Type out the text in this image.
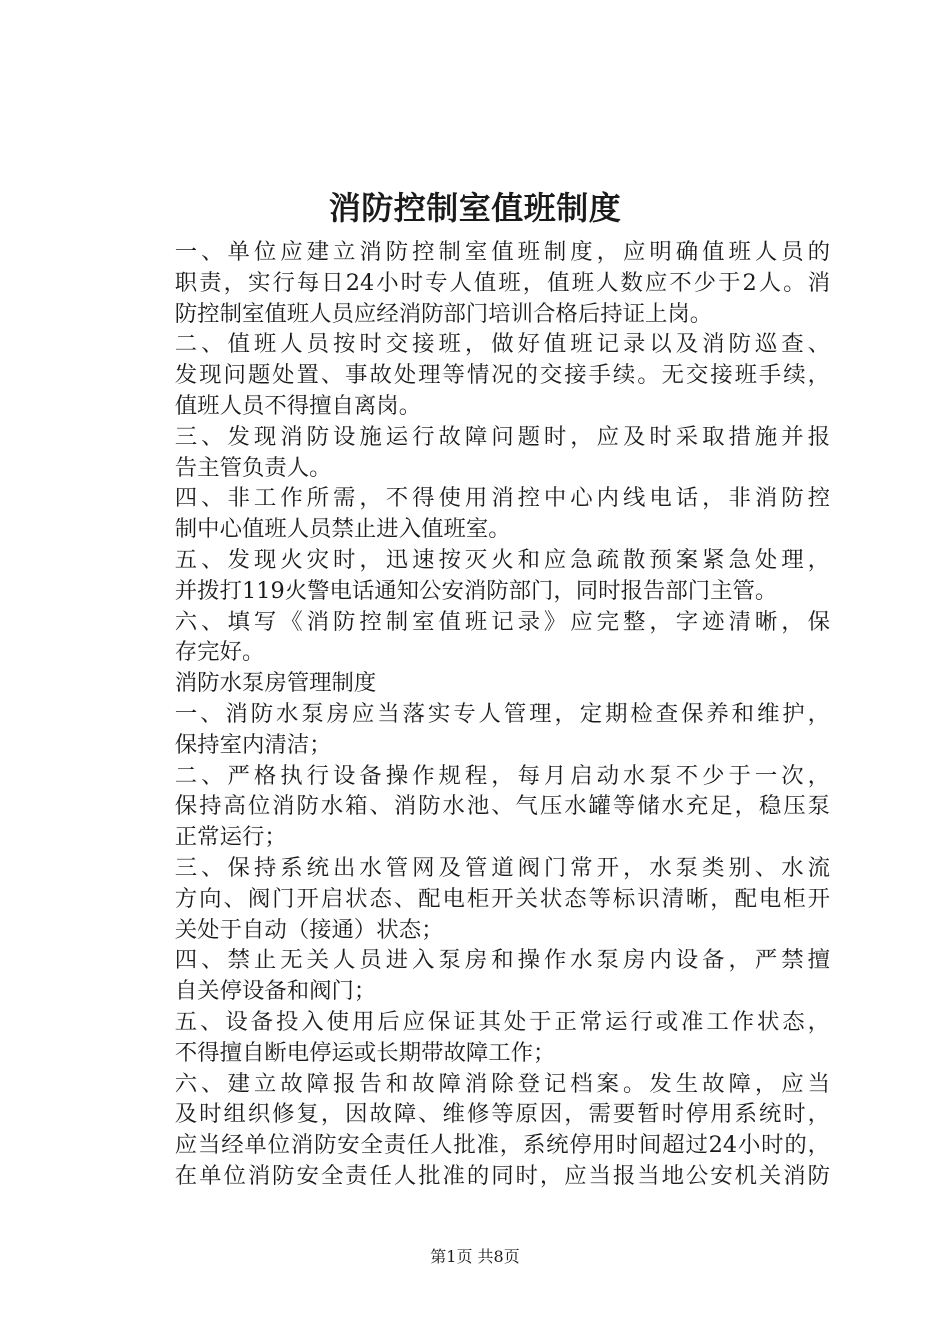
消防控制室值班制度

一、单位应建立消防控制室值班制度，应明确值班人员的
职责，实行每日24小时专人值班，值班人数应不少于2人。消
防控制室值班人员应经消防部门培训合格后持证上岗。

二、值班人员按时交接班，做好值班记录以及消防巡查、
发现问题处置、事故处理等情况的交接手续。无交接班手续，
值班人员不得擅自离岗。

三、发现消防设施运行故障问题时，应及时采取措施并报
告主管负责人。

四、非工作所需，不得使用消控中心内线电话，非消防控
制中心值班人员禁止进入值班室。

五、发现火灾时，迅速按灭火和应急疏散预案紧急处理，
并拨打119火警电话通知公安消防部门，同时报告部门主管。

六、填写《消防控制室值班记录》应完整，字迹清晰，保
存完好。

消防水泵房管理制度

一、消防水泵房应当落实专人管理，定期检查保养和维护，
保持室内清洁；

二、严格执行设备操作规程，每月启动水泵不少于一次，
保持高位消防水箱、消防水池、气压水罐等储水充足，稳压泵
正常运行；

三、保持系统出水管网及管道阀门常开，水泵类别、水流
方向、阀门开启状态、配电柜开关状态等标识清晰，配电柜开
关处于自动（接通）状态；

四、禁止无关人员进入泵房和操作水泵房内设备，严禁擅
自关停设备和阀门；

五、设备投入使用后应保证其处于正常运行或准工作状态，
不得擅自断电停运或长期带故障工作；

六、建立故障报告和故障消除登记档案。发生故障，应当
及时组织修复，因故障、维修等原因，需要暂时停用系统时，
应当经单位消防安全责任人批准，系统停用时间超过24小时的，
在单位消防安全责任人批准的同时，应当报当地公安机关消防

第1页 共8页
